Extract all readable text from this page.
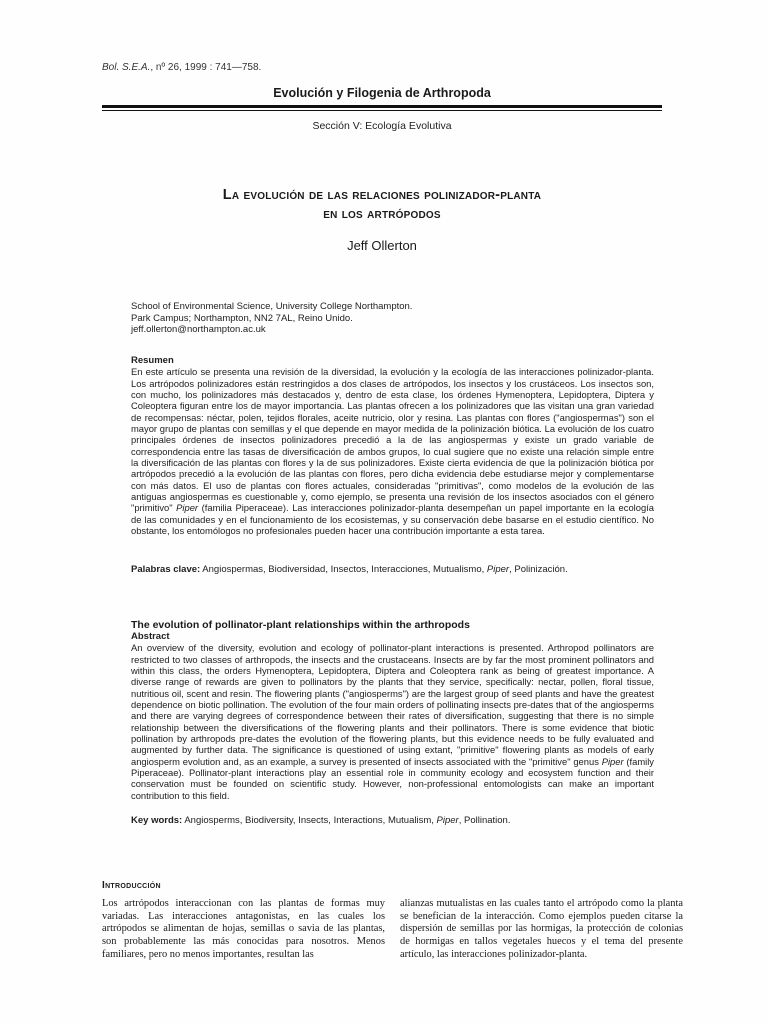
Bol. S.E.A., nº 26, 1999 : 741—758.
Evolución y Filogenia de Arthropoda
Sección V: Ecología Evolutiva
La evolución de las relaciones polinizador-planta
en los artrópodos
Jeff Ollerton
School of Environmental Science, University College Northampton.
Park Campus; Northampton, NN2 7AL, Reino Unido.
jeff.ollerton@northampton.ac.uk
Resumen
En este artículo se presenta una revisión de la diversidad, la evolución y la ecología de las interacciones polinizador-planta. Los artrópodos polinizadores están restringidos a dos clases de artrópodos, los insectos y los crustáceos. Los insectos son, con mucho, los polinizadores más destacados y, dentro de esta clase, los órdenes Hymenoptera, Lepidoptera, Diptera y Coleoptera figuran entre los de mayor importancia. Las plantas ofrecen a los polinizadores que las visitan una gran variedad de recompensas: néctar, polen, tejidos florales, aceite nutricio, olor y resina. Las plantas con flores ("angiospermas") son el mayor grupo de plantas con semillas y el que depende en mayor medida de la polinización biótica. La evolución de los cuatro principales órdenes de insectos polinizadores precedió a la de las angiospermas y existe un grado variable de correspondencia entre las tasas de diversificación de ambos grupos, lo cual sugiere que no existe una relación simple entre la diversificación de las plantas con flores y la de sus polinizadores. Existe cierta evidencia de que la polinización biótica por artrópodos precedió a la evolución de las plantas con flores, pero dicha evidencia debe estudiarse mejor y complementarse con más datos. El uso de plantas con flores actuales, consideradas "primitivas", como modelos de la evolución de las antiguas angiospermas es cuestionable y, como ejemplo, se presenta una revisión de los insectos asociados con el género "primitivo" Piper (familia Piperaceae). Las interacciones polinizador-planta desempeñan un papel importante en la ecología de las comunidades y en el funcionamiento de los ecosistemas, y su conservación debe basarse en el estudio científico. No obstante, los entomólogos no profesionales pueden hacer una contribución importante a esta tarea.
Palabras clave: Angiospermas, Biodiversidad, Insectos, Interacciones, Mutualismo, Piper, Polinización.
The evolution of pollinator-plant relationships within the arthropods
Abstract
An overview of the diversity, evolution and ecology of pollinator-plant interactions is presented. Arthropod pollinators are restricted to two classes of arthropods, the insects and the crustaceans. Insects are by far the most prominent pollinators and within this class, the orders Hymenoptera, Lepidoptera, Diptera and Coleoptera rank as being of greatest importance. A diverse range of rewards are given to pollinators by the plants that they service, specifically: nectar, pollen, floral tissue, nutritious oil, scent and resin. The flowering plants ("angiosperms") are the largest group of seed plants and have the greatest dependence on biotic pollination. The evolution of the four main orders of pollinating insects pre-dates that of the angiosperms and there are varying degrees of correspondence between their rates of diversification, suggesting that there is no simple relationship between the diversifications of the flowering plants and their pollinators. There is some evidence that biotic pollination by arthropods pre-dates the evolution of the flowering plants, but this evidence needs to be fully evaluated and augmented by further data. The significance is questioned of using extant, "primitive" flowering plants as models of early angiosperm evolution and, as an example, a survey is presented of insects associated with the "primitive" genus Piper (family Piperaceae). Pollinator-plant interactions play an essential role in community ecology and ecosystem function and their conservation must be founded on scientific study. However, non-professional entomologists can make an important contribution to this field.
Key words: Angiosperms, Biodiversity, Insects, Interactions, Mutualism, Piper, Pollination.
Introducción
Los artrópodos interaccionan con las plantas de formas muy variadas. Las interacciones antagonistas, en las cuales los artrópodos se alimentan de hojas, semillas o savia de las plantas, son probablemente las más conocidas para nosotros. Menos familiares, pero no menos importantes, resultan las
alianzas mutualistas en las cuales tanto el artrópodo como la planta se benefician de la interacción. Como ejemplos pueden citarse la dispersión de semillas por las hormigas, la protección de colonias de hormigas en tallos vegetales huecos y el tema del presente artículo, las interacciones polinizador-planta.
